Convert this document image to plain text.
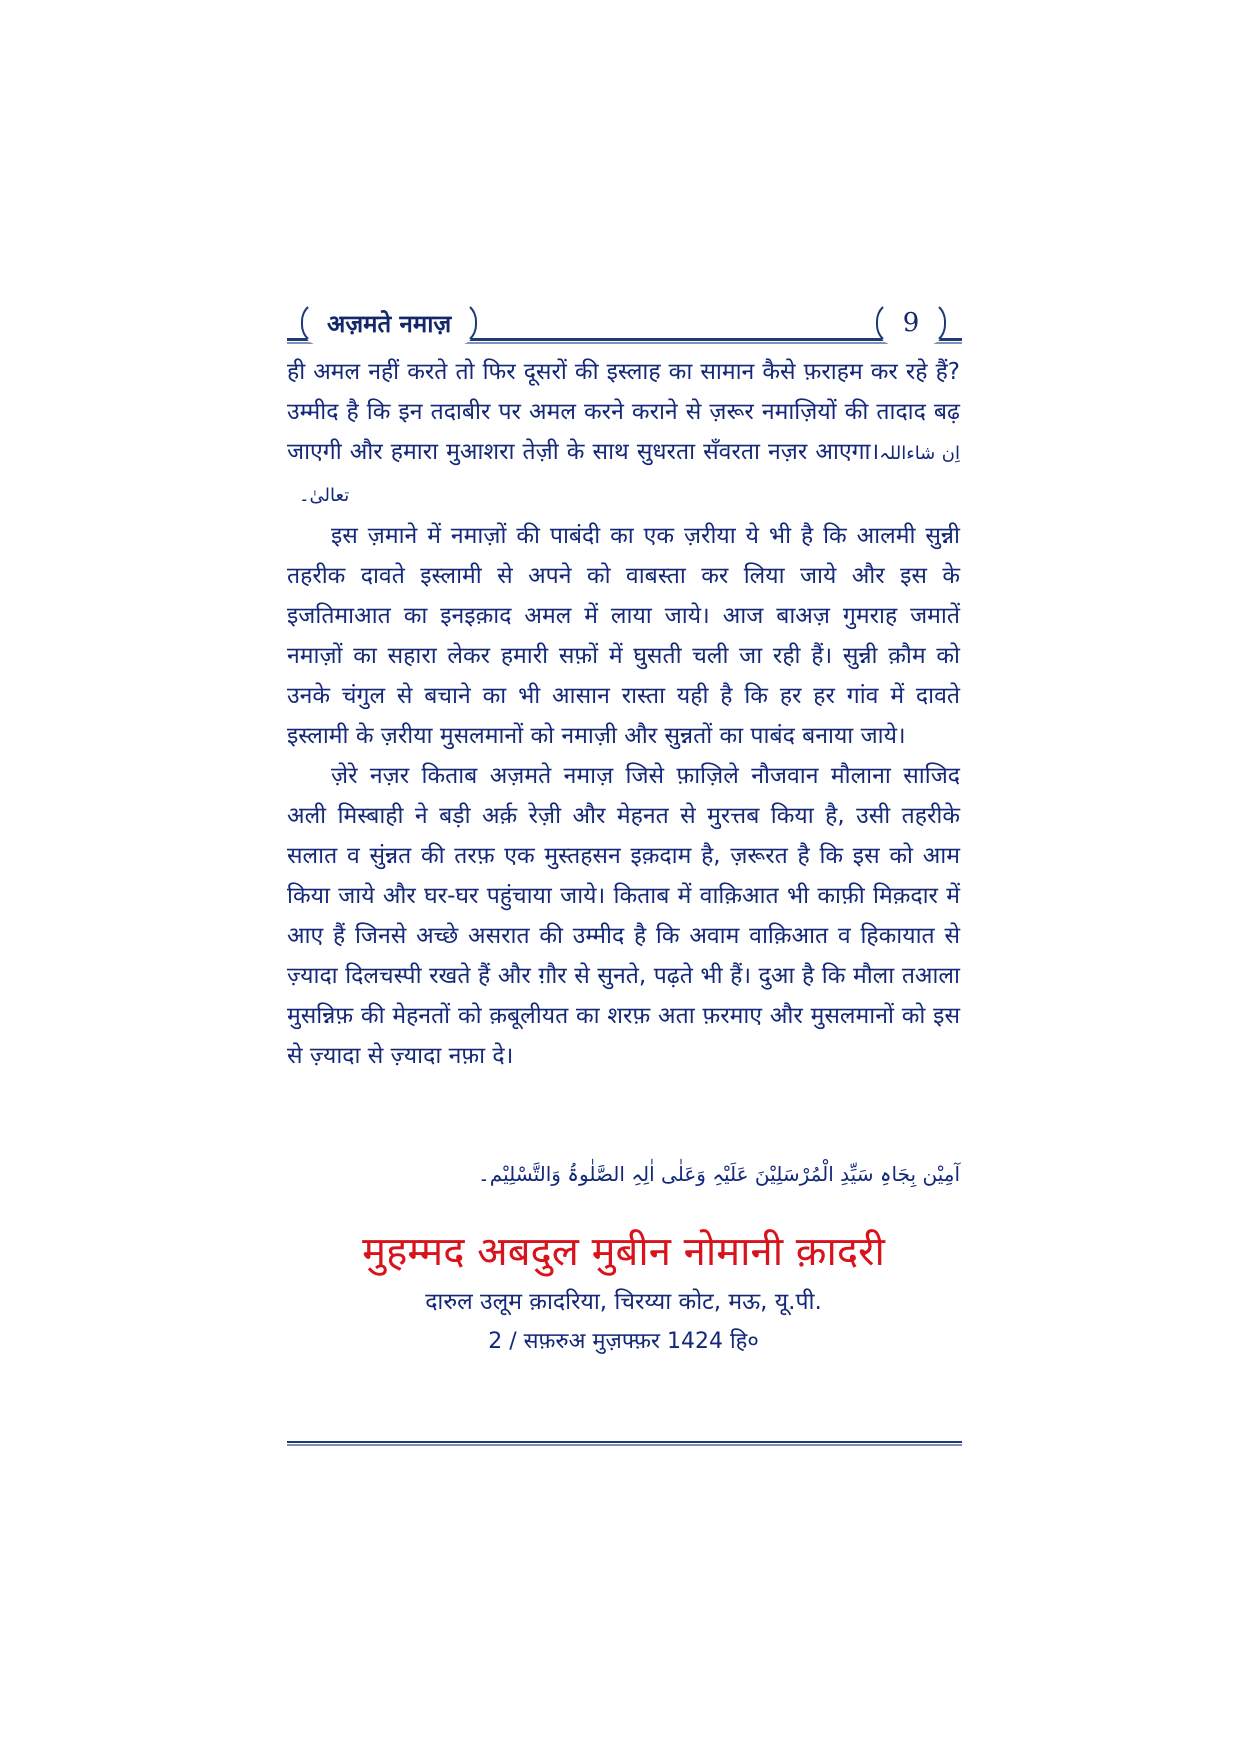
अज़मते नमाज़	9

ही अमल नहीं करते तो फिर दूसरों की इस्लाह का सामान कैसे फ़राहम कर रहे हैं? उम्मीद है कि इन तदाबीर पर अमल करने कराने से ज़रूर नमाज़ियों की तादाद बढ़ जाएगी और हमारा मुआशरा तेज़ी के साथ सुधरता सँवरता नज़र आएगा।اِن شاءاللہ تعالیٰ۔

इस ज़माने में नमाज़ों की पाबंदी का एक ज़रीया ये भी है कि आलमी सुन्नी तहरीक दावते इस्लामी से अपने को वाबस्ता कर लिया जाये और इस के इजतिमाआत का इनइक़ाद अमल में लाया जाये। आज बाअज़ गुमराह जमातें नमाज़ों का सहारा लेकर हमारी सफ़ों में घुसती चली जा रही हैं। सुन्नी क़ौम को उनके चंगुल से बचाने का भी आसान रास्ता यही है कि हर हर गांव में दावते इस्लामी के ज़रीया मुसलमानों को नमाज़ी और सुन्नतों का पाबंद बनाया जाये।

ज़ेरे नज़र किताब अज़मते नमाज़ जिसे फ़ाज़िले नौजवान मौलाना साजिद अली मिस्बाही ने बड़ी अर्क़ रेज़ी और मेहनत से मुरत्तब किया है, उसी तहरीके सलात व सुंन्नत की तरफ़ एक मुस्तहसन इक़दाम है, ज़रूरत है कि इस को आम किया जाये और घर-घर पहुंचाया जाये। किताब में वाक़िआत भी काफ़ी मिक़दार में आए हैं जिनसे अच्छे असरात की उम्मीद है कि अवाम वाक़िआत व हिकायात से ज़्यादा दिलचस्पी रखते हैं और ग़ौर से सुनते, पढ़ते भी हैं। दुआ है कि मौला तआला मुसन्निफ़ की मेहनतों को क़बूलीयत का शरफ़ अता फ़रमाए और मुसलमानों को इस से ज़्यादा से ज़्यादा नफ़ा दे।

آمِیْن بِجَاہِ سَیِّدِ الْمُرْسَلِیْنَ عَلَیْہِ وَعَلٰی اٰلِہِ الصَّلٰوۃُ وَالتَّسْلِیْم۔
मुहम्मद अबदुल मुबीन नोमानी क़ादरी
दारुल उलूम क़ादरिया, चिरय्या कोट, मऊ, यू.पी.
2 / सफ़रुअ मुज़फ्फ़र 1424 हि०
